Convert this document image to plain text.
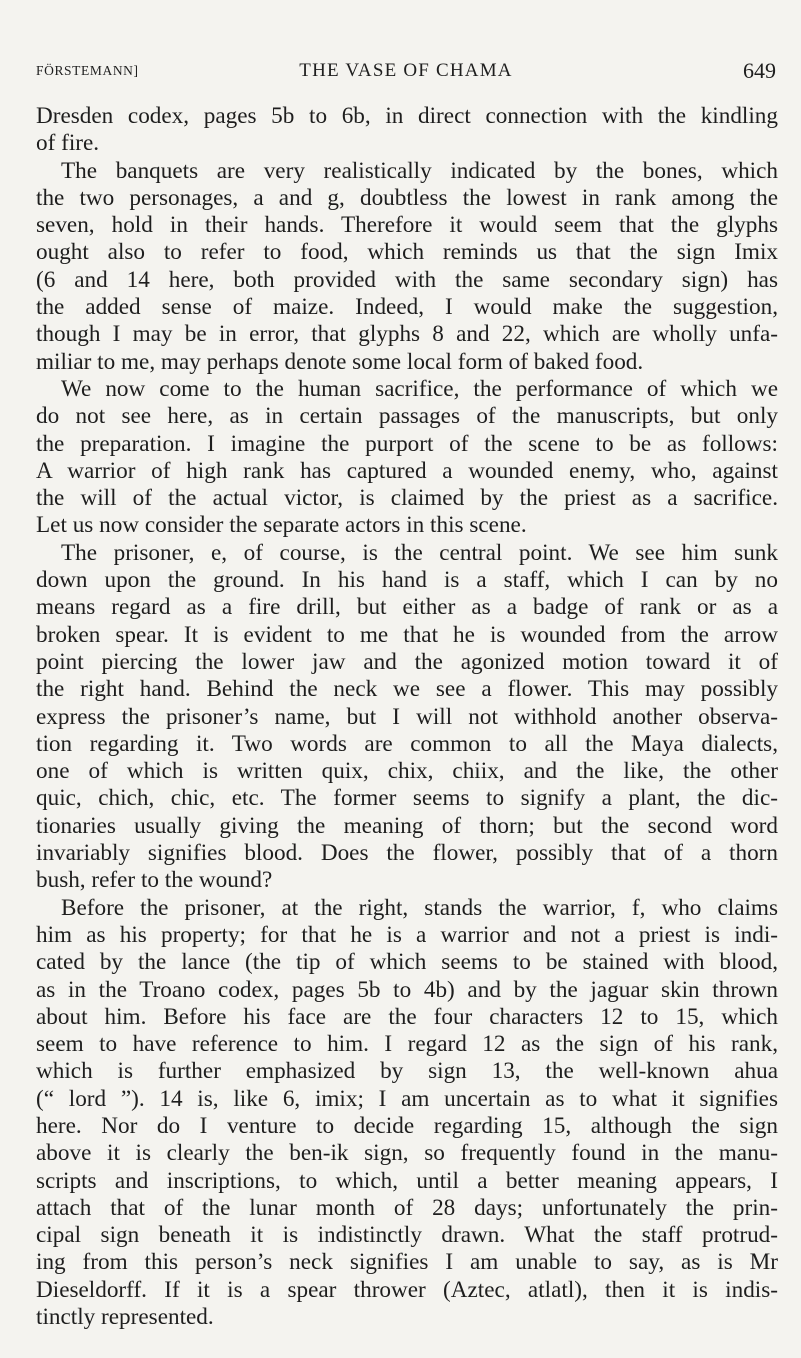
FÖRSTEMANN]	THE VASE OF CHAMA	649
Dresden codex, pages 5b to 6b, in direct connection with the kindling
of fire.
The banquets are very realistically indicated by the bones, which
the two personages, a and g, doubtless the lowest in rank among the
seven, hold in their hands. Therefore it would seem that the glyphs
ought also to refer to food, which reminds us that the sign Imix
(6 and 14 here, both provided with the same secondary sign) has
the added sense of maize. Indeed, I would make the suggestion,
though I may be in error, that glyphs 8 and 22, which are wholly unfa-
miliar to me, may perhaps denote some local form of baked food.
We now come to the human sacrifice, the performance of which we
do not see here, as in certain passages of the manuscripts, but only
the preparation. I imagine the purport of the scene to be as follows:
A warrior of high rank has captured a wounded enemy, who, against
the will of the actual victor, is claimed by the priest as a sacrifice.
Let us now consider the separate actors in this scene.
The prisoner, e, of course, is the central point. We see him sunk
down upon the ground. In his hand is a staff, which I can by no
means regard as a fire drill, but either as a badge of rank or as a
broken spear. It is evident to me that he is wounded from the arrow
point piercing the lower jaw and the agonized motion toward it of
the right hand. Behind the neck we see a flower. This may possibly
express the prisoner’s name, but I will not withhold another observa-
tion regarding it. Two words are common to all the Maya dialects,
one of which is written quix, chix, chiix, and the like, the other
quic, chich, chic, etc. The former seems to signify a plant, the dic-
tionaries usually giving the meaning of thorn; but the second word
invariably signifies blood. Does the flower, possibly that of a thorn
bush, refer to the wound?
Before the prisoner, at the right, stands the warrior, f, who claims
him as his property; for that he is a warrior and not a priest is indi-
cated by the lance (the tip of which seems to be stained with blood,
as in the Troano codex, pages 5b to 4b) and by the jaguar skin thrown
about him. Before his face are the four characters 12 to 15, which
seem to have reference to him. I regard 12 as the sign of his rank,
which is further emphasized by sign 13, the well-known ahua
(“ lord ”). 14 is, like 6, imix; I am uncertain as to what it signifies
here. Nor do I venture to decide regarding 15, although the sign
above it is clearly the ben-ik sign, so frequently found in the manu-
scripts and inscriptions, to which, until a better meaning appears, I
attach that of the lunar month of 28 days; unfortunately the prin-
cipal sign beneath it is indistinctly drawn. What the staff protrud-
ing from this person’s neck signifies I am unable to say, as is Mr
Dieseldorff. If it is a spear thrower (Aztec, atlatl), then it is indis-
tinctly represented.
